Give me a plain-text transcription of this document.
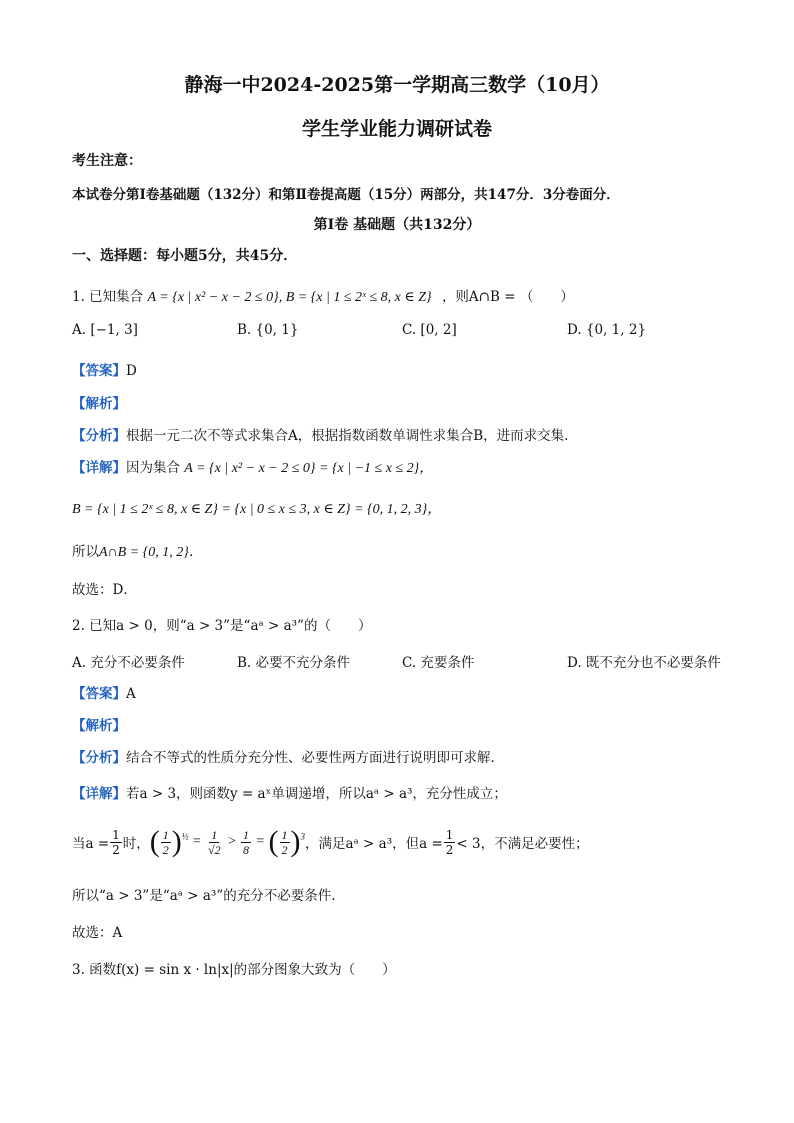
静海一中2024-2025第一学期高三数学（10月）
学生学业能力调研试卷
考生注意：
本试卷分第Ⅰ卷基础题（132分）和第Ⅱ卷提高题（15分）两部分，共147分．3分卷面分．
第Ⅰ卷 基础题（共132分）
一、选择题：每小题5分，共45分．
1. 已知集合 A = {x | x² − x − 2 ≤ 0}, B = {x | 1 ≤ 2ˣ ≤ 8, x ∈ Z} ，则A∩B = （　　）
A. [−1, 3]	B. {0, 1}	C. [0, 2]	D. {0, 1, 2}
【答案】D
【解析】
【分析】根据一元二次不等式求集合A，根据指数函数单调性求集合B，进而求交集.
【详解】因为集合 A = {x | x² − x − 2 ≤ 0} = {x | −1 ≤ x ≤ 2}，
B = {x | 1 ≤ 2ˣ ≤ 8, x ∈ Z} = {x | 0 ≤ x ≤ 3, x ∈ Z} = {0, 1, 2, 3}，
所以A∩B = {0, 1, 2}．
故选：D．
2. 已知a > 0，则“a > 3”是“aᵃ > a³”的（　　）
A. 充分不必要条件	B. 必要不充分条件	C. 充要条件	D. 既不充分也不必要条件
【答案】A
【解析】
【分析】结合不等式的性质分充分性、必要性两方面进行说明即可求解.
【详解】若a > 3，则函数y = aˣ单调递增，所以aᵃ > a³，充分性成立；
当$a = \frac{1}{2}$ 时， ( $\frac{1}{2} )^{\frac{1}{2}} = \frac{1}{√2} > \frac{1}{8}$ = ( $\frac{1}{2} )^3$ ，满足aᵃ > a³，但$a = \frac{1}{2} < 3$，不满足必要性；
所以“a > 3”是“aᵃ > a³”的充分不必要条件.
故选：A
3. 函数f(x) = sin x · ln|x|的部分图象大致为（　　）
